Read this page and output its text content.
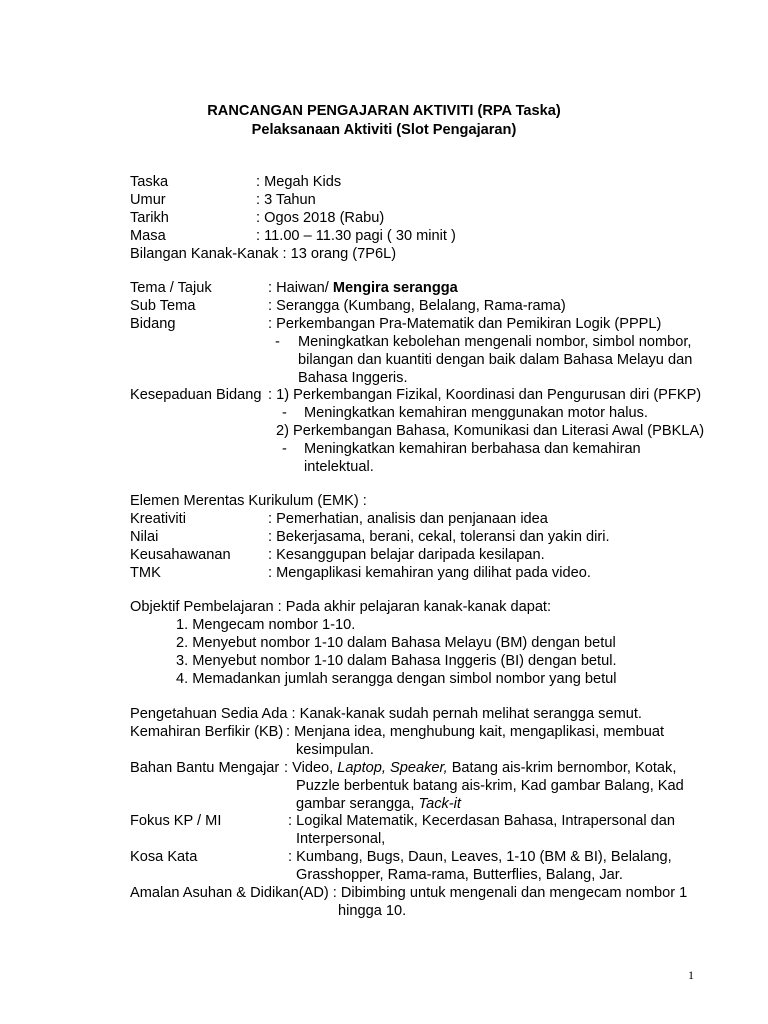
RANCANGAN PENGAJARAN AKTIVITI (RPA Taska)
Pelaksanaan Aktiviti (Slot Pengajaran)
Taska	: Megah Kids
Umur	: 3 Tahun
Tarikh	: Ogos 2018 (Rabu)
Masa	: 11.00 – 11.30 pagi ( 30 minit )
Bilangan Kanak-Kanak : 13 orang (7P6L)
Tema / Tajuk	: Haiwan/ Mengira serangga
Sub Tema	: Serangga (Kumbang, Belalang, Rama-rama)
Bidang	: Perkembangan Pra-Matematik dan Pemikiran Logik (PPPL)
- Meningkatkan kebolehan mengenali nombor, simbol nombor,
bilangan dan kuantiti dengan baik dalam Bahasa Melayu dan
Bahasa Inggeris.
Kesepaduan Bidang : 1) Perkembangan Fizikal, Koordinasi dan Pengurusan diri (PFKP)
- Meningkatkan kemahiran menggunakan motor halus.
2) Perkembangan Bahasa, Komunikasi dan Literasi Awal (PBKLA)
- Meningkatkan kemahiran berbahasa dan kemahiran
intelektual.
Elemen Merentas Kurikulum (EMK) :
Kreativiti	: Pemerhatian, analisis dan penjanaan idea
Nilai	: Bekerjasama, berani, cekal, toleransi dan yakin diri.
Keusahawanan	: Kesanggupan belajar daripada kesilapan.
TMK	: Mengaplikasi kemahiran yang dilihat pada video.
Objektif Pembelajaran : Pada akhir pelajaran kanak-kanak dapat:
1. Mengecam nombor 1-10.
2. Menyebut nombor 1-10 dalam Bahasa Melayu (BM) dengan betul
3. Menyebut nombor 1-10 dalam Bahasa Inggeris (BI) dengan betul.
4. Memadankan jumlah serangga dengan simbol nombor yang betul
Pengetahuan Sedia Ada : Kanak-kanak sudah pernah melihat serangga semut.
Kemahiran Berfikir (KB) : Menjana idea, menghubung kait, mengaplikasi, membuat
kesimpulan.
Bahan Bantu Mengajar : Video, Laptop, Speaker, Batang ais-krim bernombor, Kotak,
Puzzle berbentuk batang ais-krim, Kad gambar Balang, Kad
gambar serangga, Tack-it
Fokus KP / MI	: Logikal Matematik, Kecerdasan Bahasa, Intrapersonal dan
Interpersonal,
Kosa Kata	: Kumbang, Bugs, Daun, Leaves, 1-10 (BM & BI), Belalang,
Grasshopper, Rama-rama, Butterflies, Balang, Jar.
Amalan Asuhan & Didikan(AD) : Dibimbing untuk mengenali dan mengecam nombor 1
hingga 10.
1
